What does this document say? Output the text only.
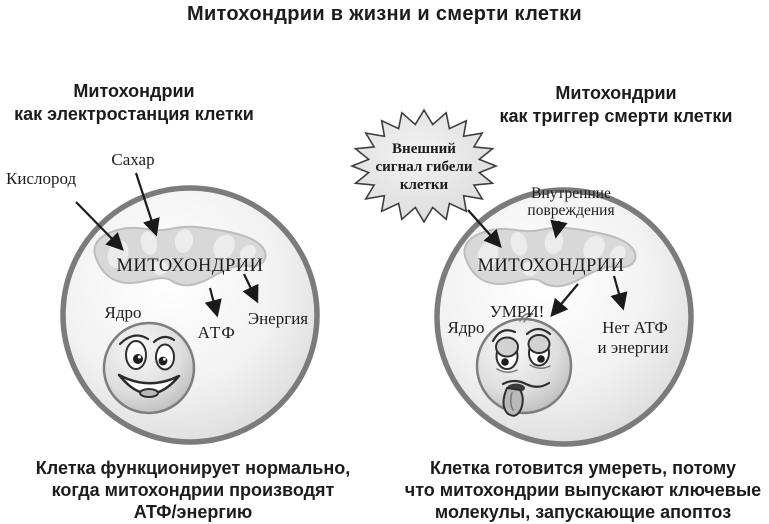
Сахар
Кислород
МИТОХОНДРИИ
Ядро
АТФ
Энергия
Внутренние
повреждения
МИТОХОНДРИИ
УМРИ!
Ядро	Нет АТФ
и энергии
Внешний
сигнал гибели
клетки
Митохондрии в жизни и смерти клетки
Митохондрии
как электростанция клетки
Митохондрии
как триггер смерти клетки
Клетка функционирует нормально,
когда митохондрии производят
АТФ/энергию
Клетка готовится умереть, потому
что митохондрии выпускают ключевые
молекулы, запускающие апоптоз
